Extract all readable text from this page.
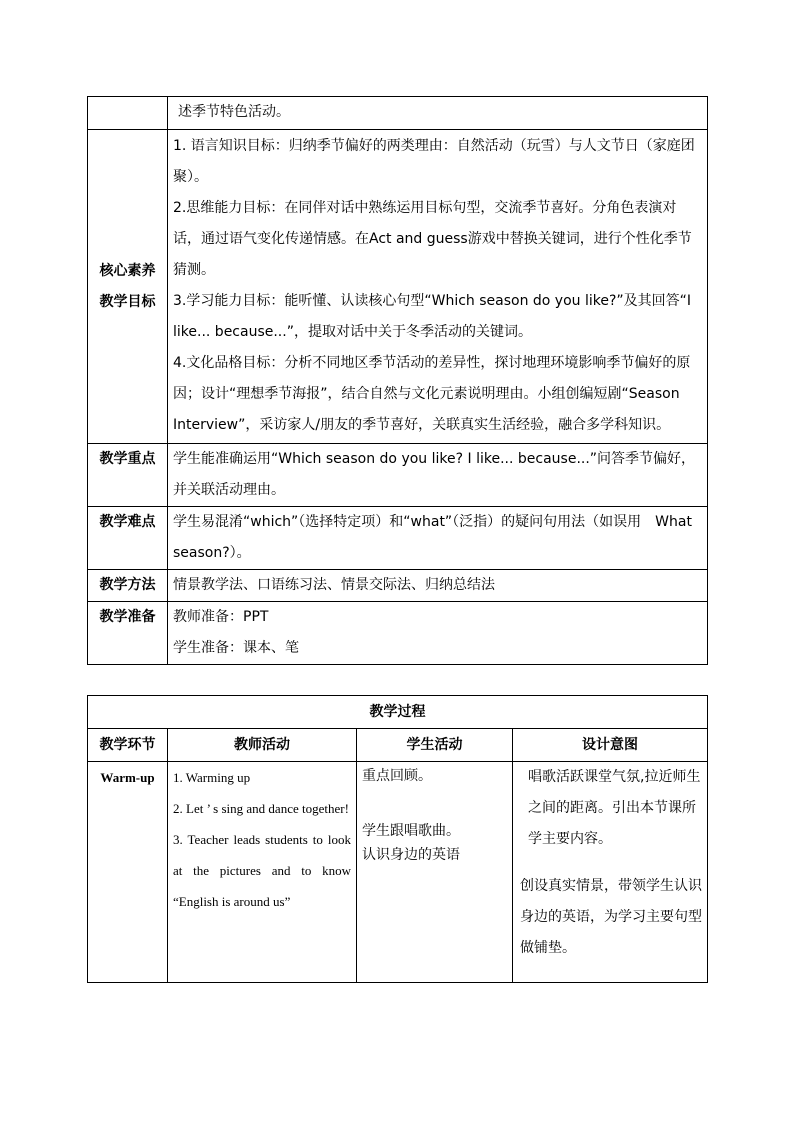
	述季节特色活动。

核心素养
教学目标	1. 语言知识目标：归纳季节偏好的两类理由：自然活动（玩雪）与人文节日（家庭团聚）。
2.思维能力目标：在同伴对话中熟练运用目标句型，交流季节喜好。分角色表演对话，通过语气变化传递情感。在Act and guess游戏中替换关键词，进行个性化季节猜测。
3.学习能力目标：能听懂、认读核心句型“Which season do you like?”及其回答“I like... because...”，提取对话中关于冬季活动的关键词。
4.文化品格目标：分析不同地区季节活动的差异性，探讨地理环境影响季节偏好的原因；设计“理想季节海报”，结合自然与文化元素说明理由。小组创编短剧“Season Interview”，采访家人/朋友的季节喜好，关联真实生活经验，融合多学科知识。

教学重点	学生能准确运用“Which season do you like? I like... because...”问答季节偏好，并关联活动理由。
教学难点	学生易混淆“which”（选择特定项）和“what”（泛指）的疑问句用法（如误用　What season?）。
教学方法	情景教学法、口语练习法、情景交际法、归纳总结法
教学准备	教师准备：PPT
学生准备：课本、笔
教学过程			
教学环节	教师活动	学生活动	设计意图
Warm-up	1. Warming up
2. Let ’ s sing and dance together!
3. Teacher leads students to look at the pictures and to know “English is around us”	重点回顾。
学生跟唱歌曲。
认识身边的英语	唱歌活跃课堂气氛,拉近师生之间的距离。引出本节课所学主要内容。
创设真实情景，带领学生认识身边的英语，为学习主要句型做铺垫。
